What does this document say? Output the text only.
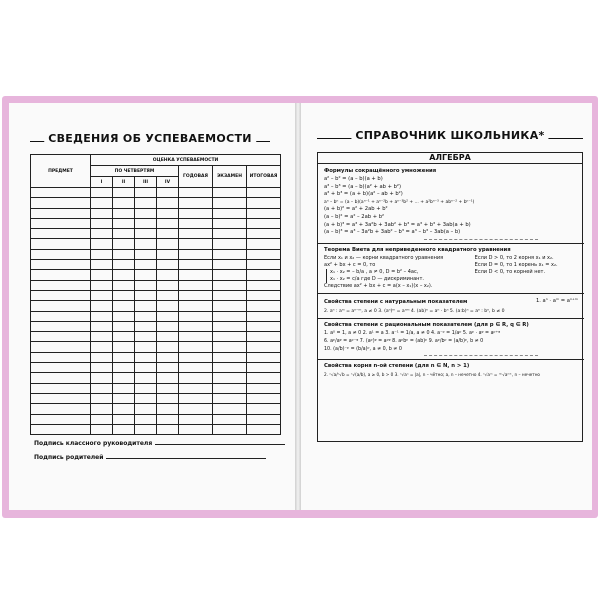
СВЕДЕНИЯ ОБ УСПЕВАЕМОСТИ
ПРЕДМЕТ	ОЦЕНКА УСПЕВАЕМОСТИ						
	ПО ЧЕТВЕРТЯМ				ГОДОВАЯ	ЭКЗАМЕН	ИТОГОВАЯ
	I	II	III	IV			

Подпись классного руководителя
Подпись родителей
СПРАВОЧНИК ШКОЛЬНИКА*
АЛГЕБРА
Формулы сокращённого умножения
a² – b² = (a – b)(a + b)
a³ – b³ = (a – b)(a² + ab + b²)
a³ + b³ = (a + b)(a² – ab + b²)
aⁿ – bⁿ = (a – b)(aⁿ⁻¹ + aⁿ⁻²b + aⁿ⁻³b² + ... + a²bⁿ⁻³ + abⁿ⁻² + bⁿ⁻¹)
(a + b)² = a² + 2ab + b²
(a – b)² = a² – 2ab + b²
(a + b)³ = a³ + 3a²b + 3ab² + b³ = a³ + b³ + 3ab(a + b)
(a – b)³ = a³ – 3a²b + 3ab² – b³ = a³ – b³ – 3ab(a – b)
Теорема Виета для неприведенного квадратного уравнения
Если x₁ и x₂ — корни квадратного уравнения
ax² + bx + c = 0, то
x₁ · x₂ = – b/a , a ≠ 0, D = b² – 4ac,
x₁ · x₂ = c/a где D — дискриминант.
Следствие ax² + bx + c = a(x – x₁)(x – x₂).
Если D > 0, то 2 корня x₁ и x₂.
Если D = 0, то 1 корень x₁ = x₂.
Если D < 0, то корней нет.
Свойства степени с натуральным показателем	1. aⁿ · aᵐ = aⁿ⁺ᵐ
2. aⁿ : aᵐ = aⁿ⁻ᵐ, a ≠ 0 3. (aⁿ)ᵐ = aⁿᵐ 4. (ab)ⁿ = aⁿ · bⁿ 5. (a:b)ⁿ = aⁿ : bⁿ, b ≠ 0
Свойства степени с рациональным показателем (для p ∈ R, q ∈ R)
1. a⁰ = 1, a ≠ 0 2. a¹ = a 3. a⁻¹ = 1/a, a ≠ 0 4. a⁻ᵖ = 1/aᵖ 5. aᵖ · aᵠ = aᵖ⁺ᵠ
6. aᵖ/aᵠ = aᵖ⁻ᵠ 7. (aᵖ)ᵠ = aᵖᵠ 8. aᵖbᵖ = (ab)ᵖ 9. aᵖ/bᵖ = (a/b)ᵖ, b ≠ 0
10. (a/b)⁻ᵖ = (b/a)ᵖ, a ≠ 0, b ≠ 0
Свойства корня n-ой степени (для n ∈ N, n > 1)
2. ⁿ√a/ⁿ√b = ⁿ√(a/b), a ≥ 0, b > 0 3. ⁿ√aⁿ = |a|, n – чётно; a, n – нечетно 4. ⁿ√aᵐ = ⁿᵏ√aᵐᵏ, n – нечетно
